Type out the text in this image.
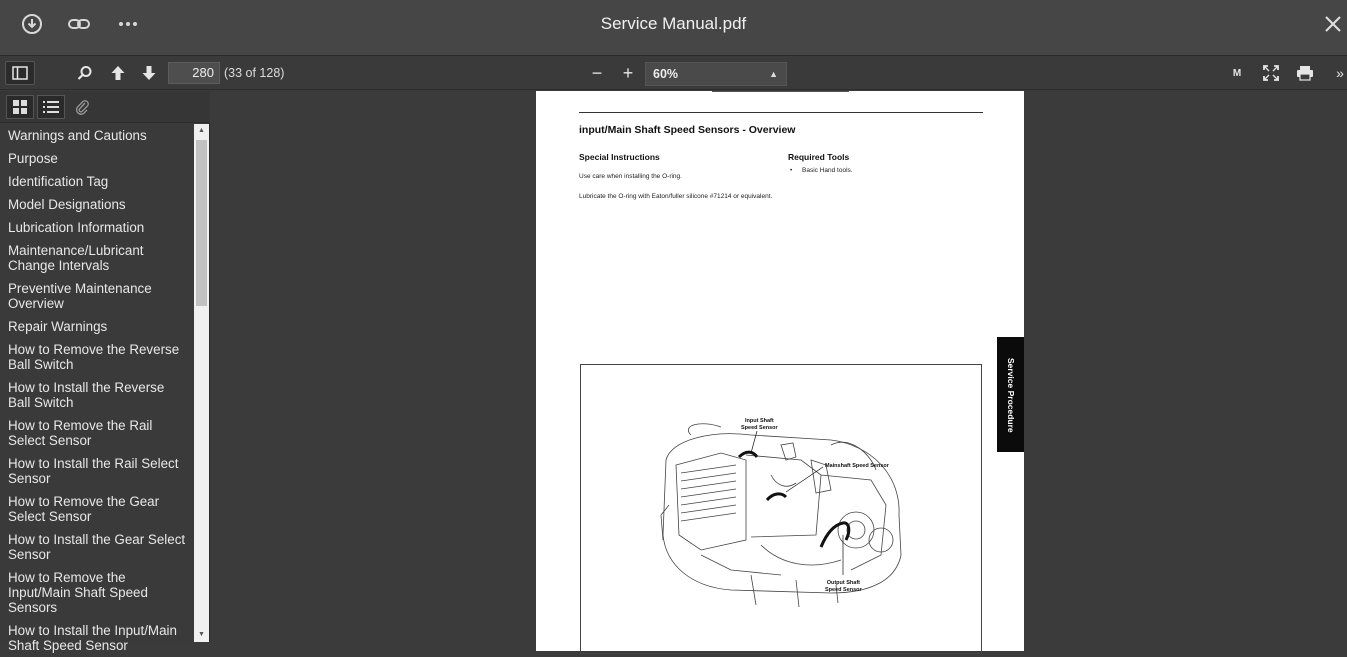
Service Manual.pdf
280 (33 of 128)	−	+	60%	▲	M	»
Warnings and Cautions
Purpose
Identification Tag
Model Designations
Lubrication Information
Maintenance/Lubricant Change Intervals
Preventive Maintenance Overview
Repair Warnings
How to Remove the Reverse Ball Switch
How to Install the Reverse Ball Switch
How to Remove the Rail Select Sensor
How to Install the Rail Select Sensor
How to Remove the Gear Select Sensor
How to Install the Gear Select Sensor
How to Remove the Input/Main Shaft Speed Sensors
How to Install the Input/Main Shaft Speed Sensor
▲
▼
input/Main Shaft Speed Sensors - Overview
Special Instructions
Use care when installing the O-ring.
Lubricate the O-ring with Eaton/fuller silicone #71214 or equivalent.
Required Tools
• Basic Hand tools.
Service Procedure
Input Shaft
Speed Sensor
Mainshaft Speed Sensor
Output Shaft
Speed Sensor
